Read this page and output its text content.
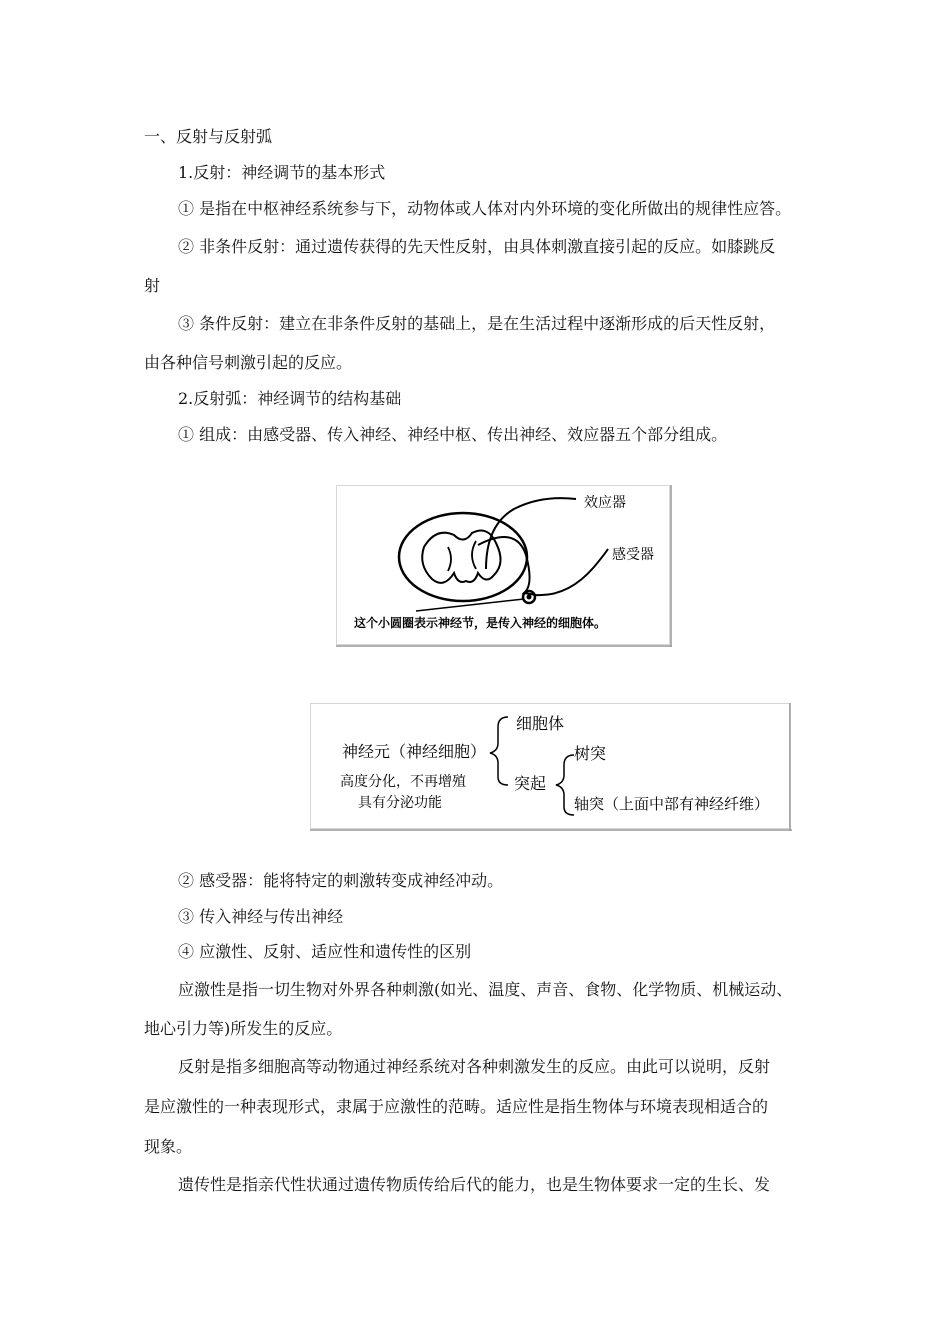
一、反射与反射弧
1.反射：神经调节的基本形式
① 是指在中枢神经系统参与下，动物体或人体对内外环境的变化所做出的规律性应答。
② 非条件反射：通过遗传获得的先天性反射，由具体刺激直接引起的反应。如膝跳反
射
③ 条件反射：建立在非条件反射的基础上，是在生活过程中逐渐形成的后天性反射，
由各种信号刺激引起的反应。
2.反射弧：神经调节的结构基础
① 组成：由感受器、传入神经、神经中枢、传出神经、效应器五个部分组成。
效应器
感受器
这个小圆圈表示神经节，是传入神经的细胞体。
神经元（神经细胞）
高度分化，不再增殖
具有分泌功能
细胞体
突起
树突
轴突（上面中部有神经纤维）
② 感受器：能将特定的刺激转变成神经冲动。
③ 传入神经与传出神经
④ 应激性、反射、适应性和遗传性的区别
应激性是指一切生物对外界各种刺激(如光、温度、声音、食物、化学物质、机械运动、
地心引力等)所发生的反应。
反射是指多细胞高等动物通过神经系统对各种刺激发生的反应。由此可以说明，反射
是应激性的一种表现形式，隶属于应激性的范畴。适应性是指生物体与环境表现相适合的
现象。
遗传性是指亲代性状通过遗传物质传给后代的能力，也是生物体要求一定的生长、发
